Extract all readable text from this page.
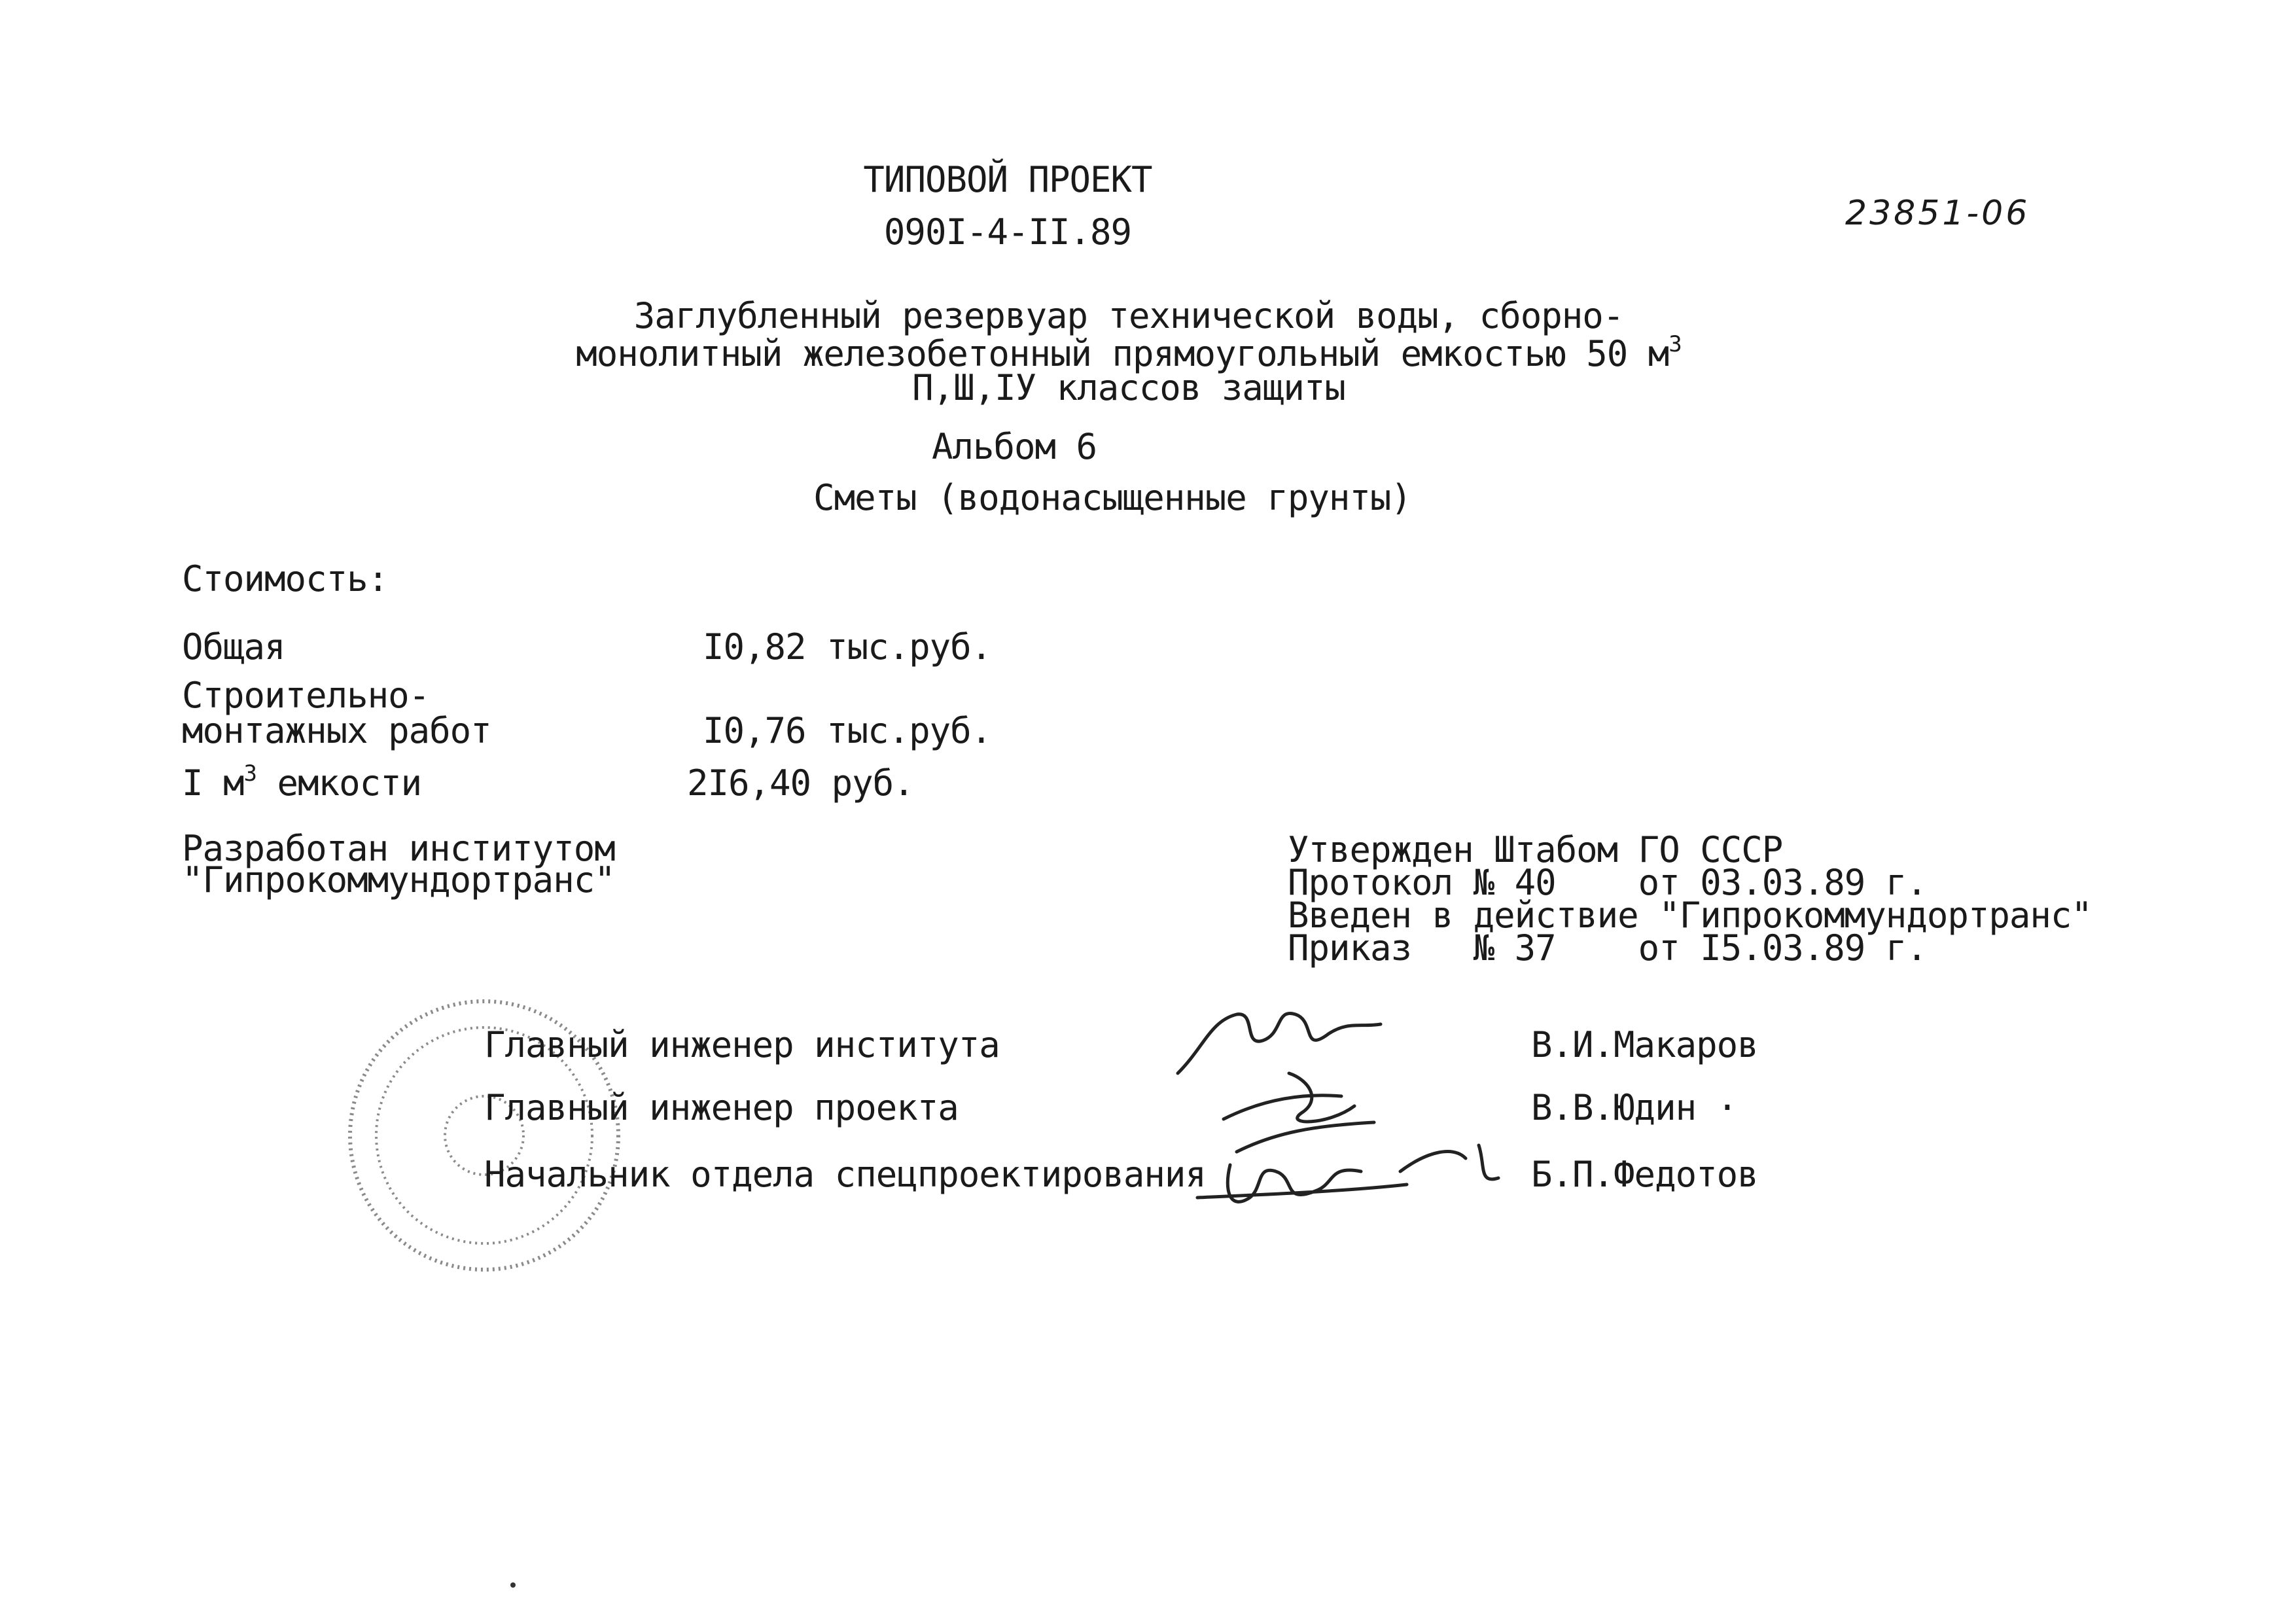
ТИПОВОЙ ПРОЕКТ
090I-4-II.89	23851-06
Заглубленный резервуар технической воды, сборно-
монолитный железобетонный прямоугольный емкостью 50 $м^3$
П,Ш,IУ классов защиты
Альбом 6
Сметы (водонасыщенные грунты)
Стоимость:
Общая	I0,82 тыс.руб.
Строительно-
монтажных работ	I0,76 тыс.руб.
I $м^3$ емкости	2I6,40 руб.
Разработан институтом
"Гипрокоммундортранс"
Утвержден Штабом ГО СССР
Протокол № 40    от 03.03.89 г.
Введен в действие "Гипрокоммундортранс"
Приказ   № 37    от I5.03.89 г.
Главный инженер института	В.И.Макаров
Главный инженер проекта	В.В.Юдин ·
Начальник отдела спецпроектирования	Б.П.Федотов
